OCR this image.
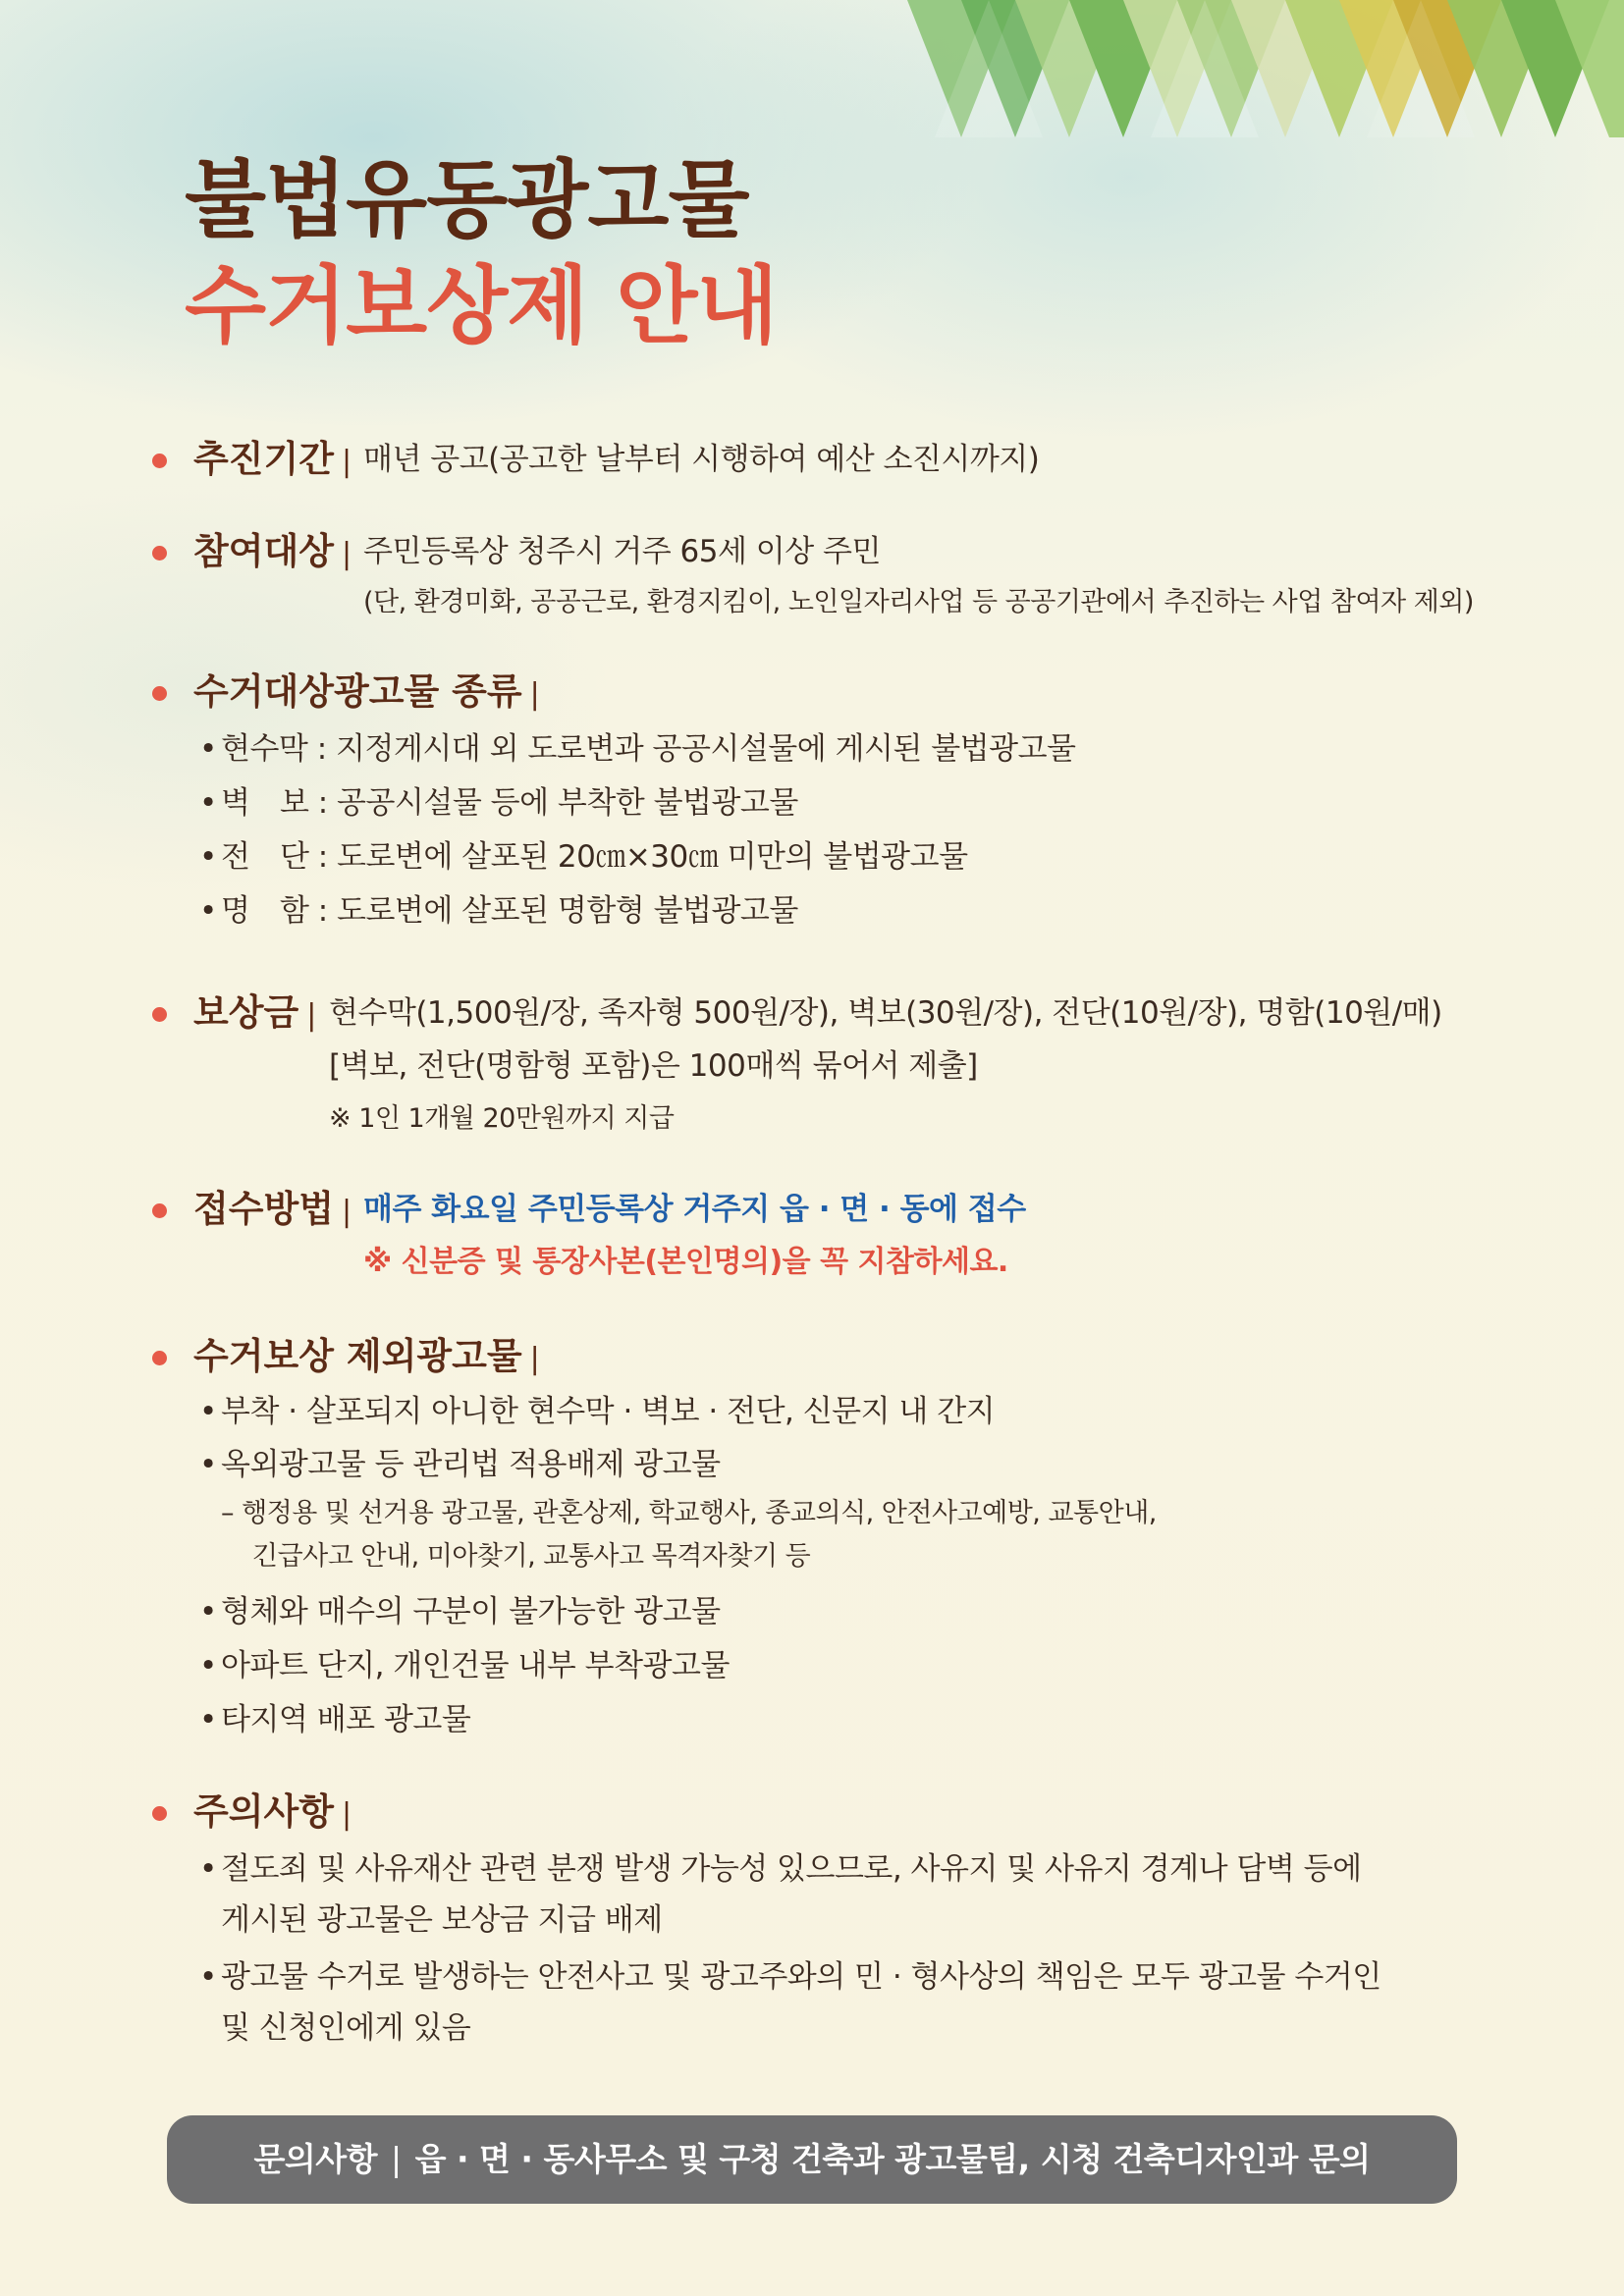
불법유동광고물
수거보상제 안내
추진기간 | 매년 공고(공고한 날부터 시행하여 예산 소진시까지)
참여대상 | 주민등록상 청주시 거주 65세 이상 주민
(단, 환경미화, 공공근로, 환경지킴이, 노인일자리사업 등 공공기관에서 추진하는 사업 참여자 제외)
수거대상광고물 종류 |
• 현수막 : 지정게시대 외 도로변과 공공시설물에 게시된 불법광고물
• 벽　보 : 공공시설물 등에 부착한 불법광고물
• 전　단 : 도로변에 살포된 20㎝×30㎝ 미만의 불법광고물
• 명　함 : 도로변에 살포된 명함형 불법광고물
보상금 | 현수막(1,500원/장, 족자형 500원/장), 벽보(30원/장), 전단(10원/장), 명함(10원/매)
[벽보, 전단(명함형 포함)은 100매씩 묶어서 제출]
※ 1인 1개월 20만원까지 지급
접수방법 | 매주 화요일 주민등록상 거주지 읍 · 면 · 동에 접수
※ 신분증 및 통장사본(본인명의)을 꼭 지참하세요.
수거보상 제외광고물 |
• 부착 · 살포되지 아니한 현수막 · 벽보 · 전단, 신문지 내 간지
• 옥외광고물 등 관리법 적용배제 광고물
– 행정용 및 선거용 광고물, 관혼상제, 학교행사, 종교의식, 안전사고예방, 교통안내,
긴급사고 안내, 미아찾기, 교통사고 목격자찾기 등
• 형체와 매수의 구분이 불가능한 광고물
• 아파트 단지, 개인건물 내부 부착광고물
• 타지역 배포 광고물
주의사항 |
• 절도죄 및 사유재산 관련 분쟁 발생 가능성 있으므로, 사유지 및 사유지 경계나 담벽 등에
게시된 광고물은 보상금 지급 배제
• 광고물 수거로 발생하는 안전사고 및 광고주와의 민 · 형사상의 책임은 모두 광고물 수거인
및 신청인에게 있음
문의사항 | 읍 · 면 · 동사무소 및 구청 건축과 광고물팀, 시청 건축디자인과 문의
